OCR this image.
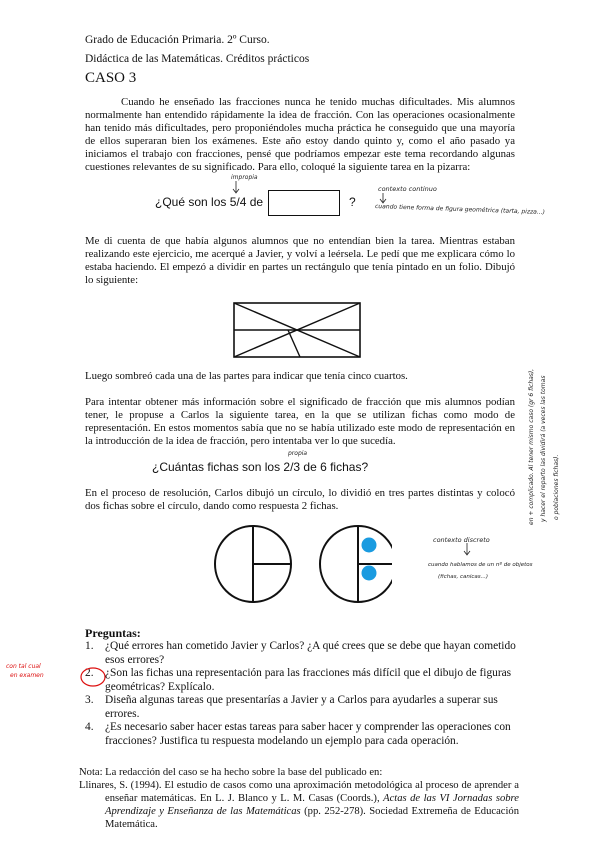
Grado de Educación Primaria. 2º Curso.
Didáctica de las Matemáticas. Créditos prácticos
CASO 3
Cuando he enseñado las fracciones nunca he tenido muchas dificultades. Mis alumnos normalmente han entendido rápidamente la idea de fracción. Con las operaciones ocasionalmente han tenido más dificultades, pero proponiéndoles mucha práctica he conseguido que una mayoría de ellos superaran bien los exámenes. Este año estoy dando quinto y, como el año pasado ya iniciamos el trabajo con fracciones, pensé que podríamos empezar este tema recordando algunas cuestiones relevantes de su significado. Para ello, coloqué la siguiente tarea en la pizarra:
¿Qué son los 5/4 de	?
impropia
contexto continuo
cuando tiene forma de figura geométrica (tarta, pizza...)
Me di cuenta de que había algunos alumnos que no entendían bien la tarea. Mientras estaban realizando este ejercicio, me acerqué a Javier, y volví a leérsela. Le pedí que me explicara cómo lo estaba haciendo. El empezó a dividir en partes un rectángulo que tenía pintado en un folio. Dibujó lo siguiente:
Luego sombreó cada una de las partes para indicar que tenía cinco cuartos.
Para intentar obtener más información sobre el significado de fracción que mis alumnos podían tener, le propuse a Carlos la siguiente tarea, en la que se utilizan fichas como modo de representación. En estos momentos sabía que no se había utilizado este modo de representación en la introducción de la idea de fracción, pero intentaba ver lo que sucedía.
¿Cuántas fichas son los 2/3 de 6 fichas?
propia
En el proceso de resolución, Carlos dibujó un círculo, lo dividió en tres partes distintas y colocó dos fichas sobre el círculo, dando como respuesta 2 fichas.
contexto discreto
cuando hablamos de un nº de objetos
(fichas, canicas...)
en + complicado. Al tener mismo caso (gr 6 fichas), y hacer el reparto las dividirá (a veces las tomas o poblaciones fichas).
Preguntas:
1. ¿Qué errores han cometido Javier y Carlos? ¿A qué crees que se debe que hayan cometido esos errores?
2. ¿Son las fichas una representación para las fracciones más difícil que el dibujo de figuras geométricas? Explícalo.
3. Diseña algunas tareas que presentarías a Javier y a Carlos para ayudarles a superar sus errores.
4. ¿Es necesario saber hacer estas tareas para saber hacer y comprender las operaciones con fracciones? Justifica tu respuesta modelando un ejemplo para cada operación.
con tal cual
en examen
Nota: La redacción del caso se ha hecho sobre la base del publicado en:
Llinares, S. (1994). El estudio de casos como una aproximación metodológica al proceso de aprender a enseñar matemáticas. En L. J. Blanco y L. M. Casas (Coords.), Actas de las VI Jornadas sobre Aprendizaje y Enseñanza de las Matemáticas (pp. 252-278). Sociedad Extremeña de Educación Matemática.
